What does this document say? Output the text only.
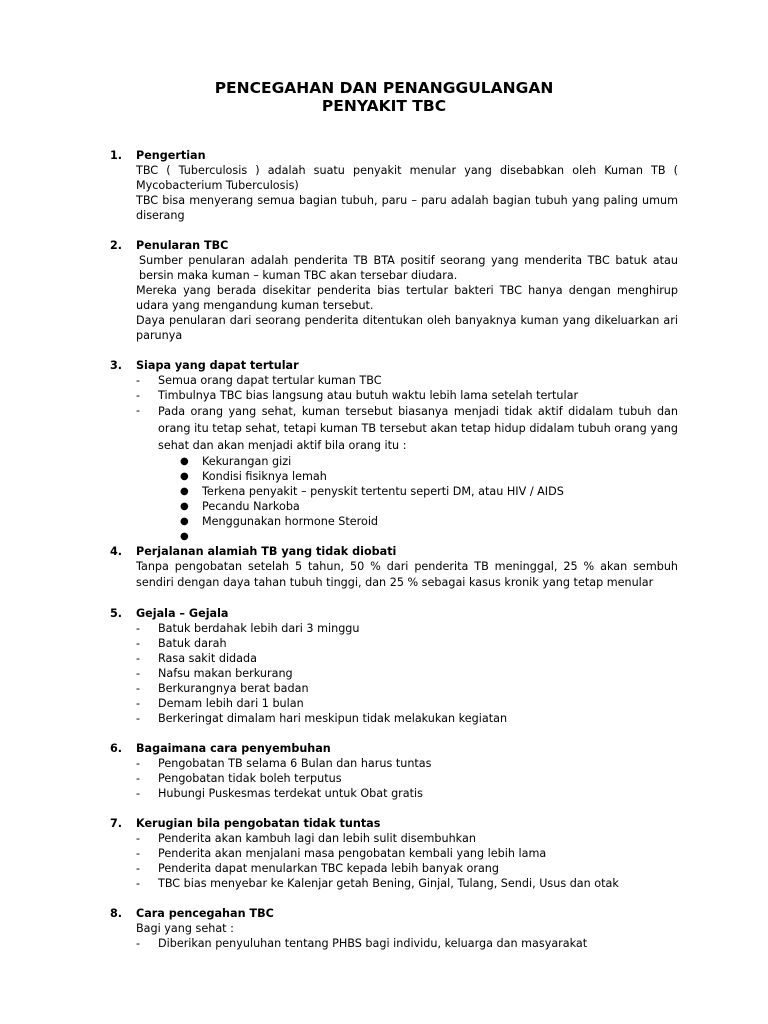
PENCEGAHAN DAN PENANGGULANGAN
PENYAKIT TBC
1.	Pengertian
TBC ( Tuberculosis ) adalah suatu penyakit menular yang disebabkan oleh Kuman TB ( Mycobacterium Tuberculosis)
TBC bisa menyerang semua bagian tubuh, paru – paru adalah bagian tubuh yang paling umum diserang
2.	Penularan TBC
Sumber penularan adalah penderita TB BTA positif seorang yang menderita TBC batuk atau bersin maka kuman – kuman TBC akan tersebar diudara.
Mereka yang berada disekitar penderita bias tertular bakteri TBC hanya dengan menghirup udara yang mengandung kuman tersebut.
Daya penularan dari seorang penderita ditentukan oleh banyaknya kuman yang dikeluarkan ari parunya
3.	Siapa yang dapat tertular
-	Semua orang dapat tertular kuman TBC
-	Timbulnya TBC bias langsung atau butuh waktu lebih lama setelah tertular
-	Pada orang yang sehat, kuman tersebut biasanya menjadi tidak aktif didalam tubuh dan orang itu tetap sehat, tetapi kuman TB tersebut akan tetap hidup didalam tubuh orang yang sehat dan akan menjadi aktif bila orang itu :
●	Kekurangan gizi
●	Kondisi fisiknya lemah
●	Terkena penyakit – penyskit tertentu seperti DM, atau HIV / AIDS
●	Pecandu Narkoba
●	Menggunakan hormone Steroid
●
4.	Perjalanan alamiah TB yang tidak diobati
Tanpa pengobatan setelah 5 tahun, 50 % dari penderita TB meninggal, 25 % akan sembuh sendiri dengan daya tahan tubuh tinggi, dan 25 % sebagai kasus kronik yang tetap menular
5.	Gejala – Gejala
-	Batuk berdahak lebih dari 3 minggu
-	Batuk darah
-	Rasa sakit didada
-	Nafsu makan berkurang
-	Berkurangnya berat badan
-	Demam lebih dari 1 bulan
-	Berkeringat dimalam hari meskipun tidak melakukan kegiatan
6.	Bagaimana cara penyembuhan
-	Pengobatan TB selama 6 Bulan dan harus tuntas
-	Pengobatan tidak boleh terputus
-	Hubungi Puskesmas terdekat untuk Obat gratis
7.	Kerugian bila pengobatan tidak tuntas
-	Penderita akan kambuh lagi dan lebih sulit disembuhkan
-	Penderita akan menjalani masa pengobatan kembali yang lebih lama
-	Penderita dapat menularkan TBC kepada lebih banyak orang
-	TBC bias menyebar ke Kalenjar getah Bening, Ginjal, Tulang, Sendi, Usus dan otak
8.	Cara pencegahan TBC
Bagi yang sehat :
-	Diberikan penyuluhan tentang PHBS bagi individu, keluarga dan masyarakat
